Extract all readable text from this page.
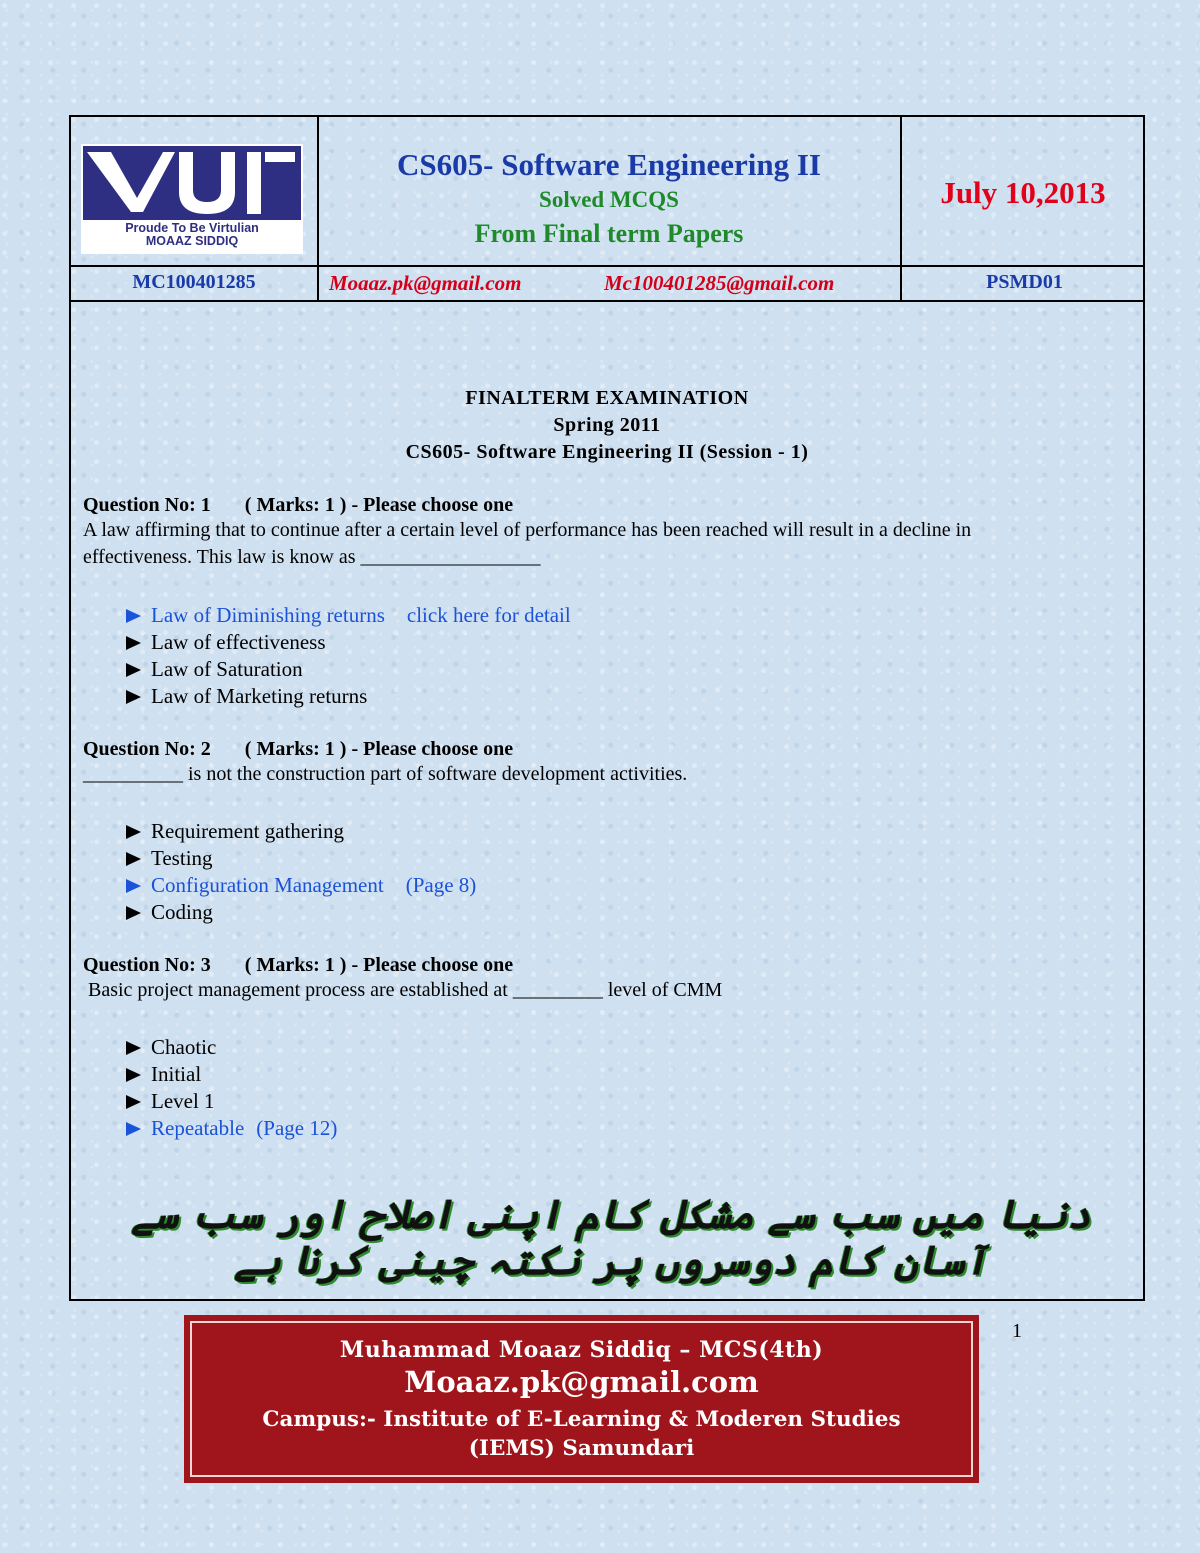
Proude To Be Virtulian
MOAAZ SIDDIQ
CS605- Software Engineering II
Solved MCQS
From Final term Papers
July 10,2013
MC100401285	Moaaz.pk@gmail.com	Mc100401285@gmail.com	PSMD01
FINALTERM EXAMINATION
Spring 2011
CS605- Software Engineering II (Session - 1)
Question No: 1 ( Marks: 1 ) - Please choose one
A law affirming that to continue after a certain level of performance has been reached will result in a decline in
effectiveness. This law is know as __________________
Law of Diminishing returns click here for detail
Law of effectiveness
Law of Saturation
Law of Marketing returns
Question No: 2 ( Marks: 1 ) - Please choose one
__________ is not the construction part of software development activities.
Requirement gathering
Testing
Configuration Management (Page 8)
Coding
Question No: 3 ( Marks: 1 ) - Please choose one
Basic project management process are established at _________ level of CMM
Chaotic
Initial
Level 1
Repeatable (Page 12)
دنیا میں سب سے مشکل کام اپنی اصلاح اور سب سے آسان کام دوسروں پر نکتہ چینی کرنا ہے
1
Muhammad Moaaz Siddiq – MCS(4th)
Moaaz.pk@gmail.com
Campus:- Institute of E-Learning & Moderen Studies
(IEMS) Samundari
